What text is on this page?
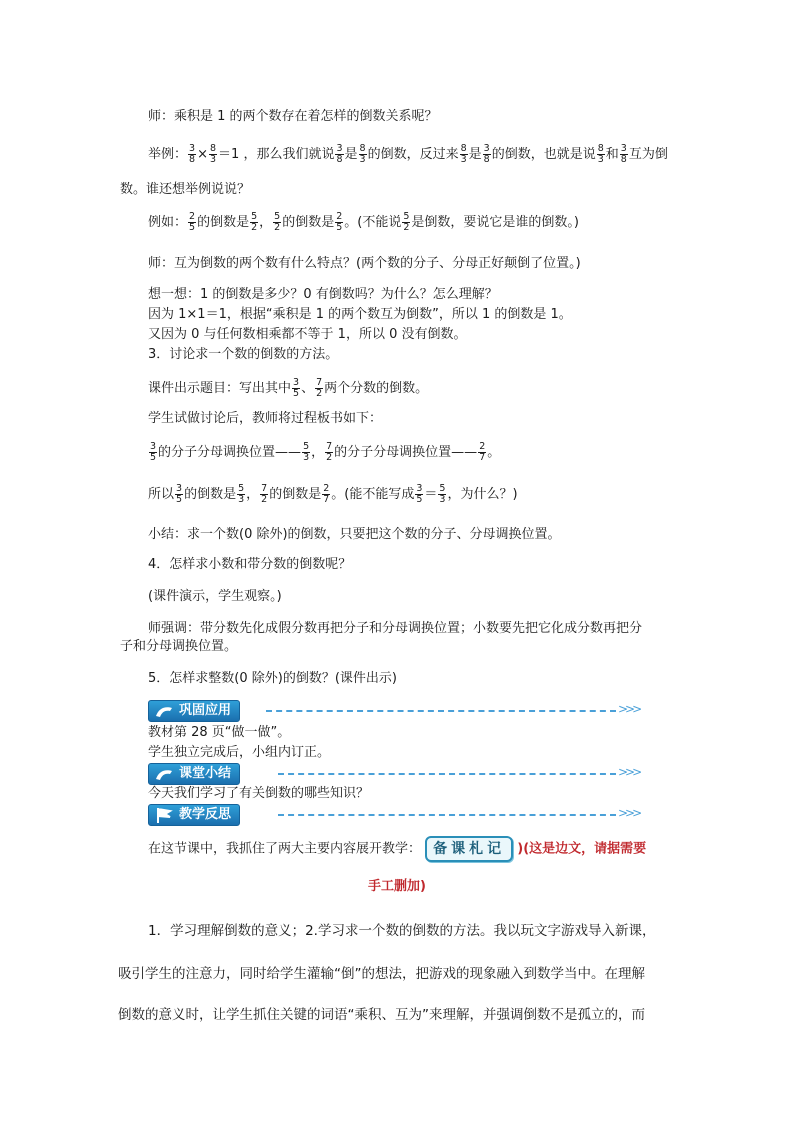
师：乘积是 1 的两个数存在着怎样的倒数关系呢？
举例： $\frac{3}{8} \times \frac{8}{3} =1$ ，那么我们就说 $\frac{3}{8}$ 是 $\frac{8}{3}$ 的倒数，反过来 $\frac{8}{3}$ 是 $\frac{3}{8}$ 的倒数，也就是说 $\frac{8}{3}$ 和 $\frac{3}{8}$ 互为倒
数。谁还想举例说说？
例如： $\frac{2}{5}$ 的倒数是 $\frac{5}{2}$ ， $\frac{5}{2}$ 的倒数是 $\frac{2}{5}$ 。(不能说 $\frac{5}{2}$ 是倒数，要说它是谁的倒数。)
师：互为倒数的两个数有什么特点？(两个数的分子、分母正好颠倒了位置。)
想一想：1 的倒数是多少？0 有倒数吗？为什么？怎么理解？
因为 1×1＝1，根据“乘积是 1 的两个数互为倒数”，所以 1 的倒数是 1。
又因为 0 与任何数相乘都不等于 1，所以 0 没有倒数。
3．讨论求一个数的倒数的方法。
课件出示题目：写出其中 $\frac{3}{5}$ 、 $\frac{7}{2}$ 两个分数的倒数。
学生试做讨论后，教师将过程板书如下：
$\frac{3}{5}$ 的分子分母调换位置—— $\frac{5}{3}$ ， $\frac{7}{2}$ 的分子分母调换位置—— $\frac{2}{7}$ 。
所以 $\frac{3}{5}$ 的倒数是 $\frac{5}{3}$ ， $\frac{7}{2}$ 的倒数是 $\frac{2}{7}$ 。(能不能写成 $\frac{3}{5} = \frac{5}{3}$ ，为什么？)
小结：求一个数(0 除外)的倒数，只要把这个数的分子、分母调换位置。
4．怎样求小数和带分数的倒数呢？
(课件演示，学生观察。)
师强调：带分数先化成假分数再把分子和分母调换位置；小数要先把它化成分数再把分
子和分母调换位置。
5．怎样求整数(0 除外)的倒数？(课件出示)
巩固应用	>>>
教材第 28 页“做一做”。
学生独立完成后，小组内订正。
课堂小结	>>>
今天我们学习了有关倒数的哪些知识？
教学反思	>>>
在这节课中，我抓住了两大主要内容展开教学： 备课札记 )(这是边文，请据需要
手工删加)
1．学习理解倒数的意义；2.学习求一个数的倒数的方法。我以玩文字游戏导入新课，
吸引学生的注意力，同时给学生灌输“倒”的想法，把游戏的现象融入到数学当中。在理解
倒数的意义时，让学生抓住关键的词语“乘积、互为”来理解，并强调倒数不是孤立的，而
